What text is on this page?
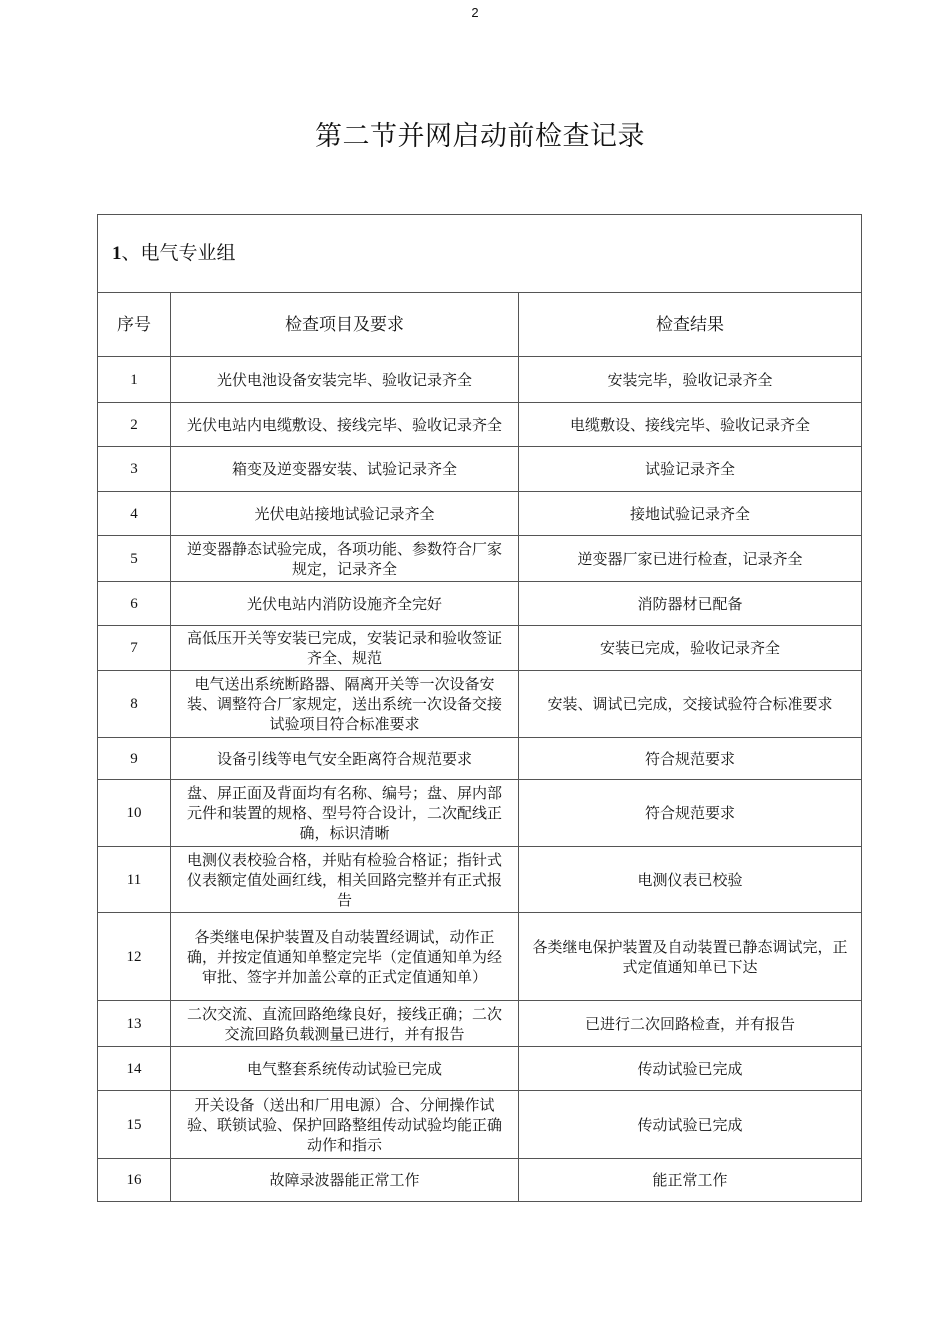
2
第二节并网启动前检查记录
1、电气专业组		
序号	检查项目及要求	检查结果
1	光伏电池设备安装完毕、验收记录齐全	安装完毕，验收记录齐全
2	光伏电站内电缆敷设、接线完毕、验收记录齐全	电缆敷设、接线完毕、验收记录齐全
3	箱变及逆变器安装、试验记录齐全	试验记录齐全
4	光伏电站接地试验记录齐全	接地试验记录齐全
5	逆变器静态试验完成，各项功能、参数符合厂家规定，记录齐全	逆变器厂家已进行检查，记录齐全
6	光伏电站内消防设施齐全完好	消防器材已配备
7	高低压开关等安装已完成，安装记录和验收签证齐全、规范	安装已完成，验收记录齐全
8	电气送出系统断路器、隔离开关等一次设备安装、调整符合厂家规定，送出系统一次设备交接试验项目符合标准要求	安装、调试已完成，交接试验符合标准要求
9	设备引线等电气安全距离符合规范要求	符合规范要求
10	盘、屏正面及背面均有名称、编号；盘、屏内部元件和装置的规格、型号符合设计，二次配线正确，标识清晰	符合规范要求
11	电测仪表校验合格，并贴有检验合格证；指针式仪表额定值处画红线，相关回路完整并有正式报告	电测仪表已校验
12	各类继电保护装置及自动装置经调试，动作正确，并按定值通知单整定完毕（定值通知单为经审批、签字并加盖公章的正式定值通知单）	各类继电保护装置及自动装置已静态调试完，正式定值通知单已下达
13	二次交流、直流回路绝缘良好，接线正确；二次交流回路负载测量已进行，并有报告	已进行二次回路检查，并有报告
14	电气整套系统传动试验已完成	传动试验已完成
15	开关设备（送出和厂用电源）合、分闸操作试验、联锁试验、保护回路整组传动试验均能正确动作和指示	传动试验已完成
16	故障录波器能正常工作	能正常工作
